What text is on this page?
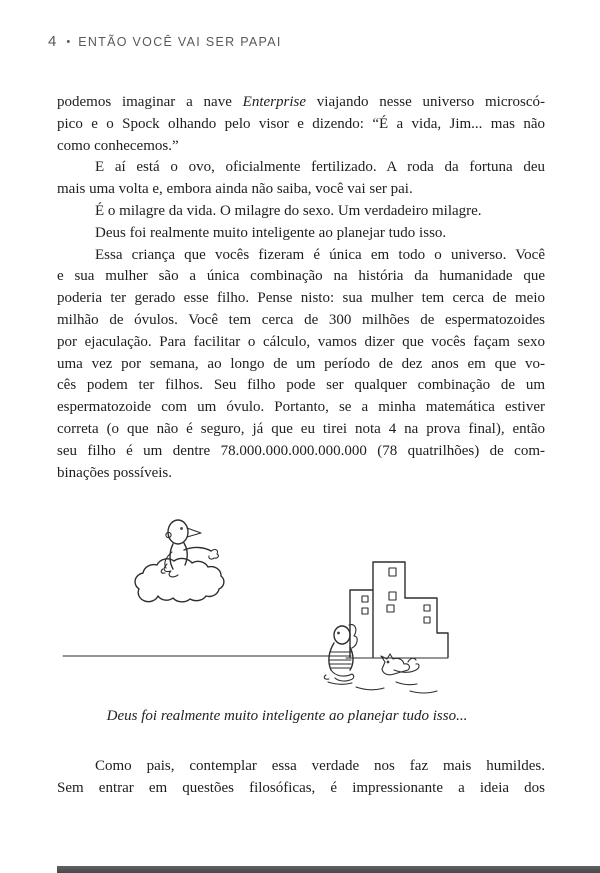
4 • ENTÃO VOCÊ VAI SER PAPAI
podemos imaginar a nave Enterprise viajando nesse universo microscó-
pico e o Spock olhando pelo visor e dizendo: “É a vida, Jim... mas não
como conhecemos.”
E aí está o ovo, oficialmente fertilizado. A roda da fortuna deu
mais uma volta e, embora ainda não saiba, você vai ser pai.
É o milagre da vida. O milagre do sexo. Um verdadeiro milagre.
Deus foi realmente muito inteligente ao planejar tudo isso.
Essa criança que vocês fizeram é única em todo o universo. Você
e sua mulher são a única combinação na história da humanidade que
poderia ter gerado esse filho. Pense nisto: sua mulher tem cerca de meio
milhão de óvulos. Você tem cerca de 300 milhões de espermatozoides
por ejaculação. Para facilitar o cálculo, vamos dizer que vocês façam sexo
uma vez por semana, ao longo de um período de dez anos em que vo-
cês podem ter filhos. Seu filho pode ser qualquer combinação de um
espermatozoide com um óvulo. Portanto, se a minha matemática estiver
correta (o que não é seguro, já que eu tirei nota 4 na prova final), então
seu filho é um dentre 78.000.000.000.000.000 (78 quatrilhões) de com-
binações possíveis.
Deus foi realmente muito inteligente ao planejar tudo isso...
Como pais, contemplar essa verdade nos faz mais humildes.
Sem entrar em questões filosóficas, é impressionante a ideia dos
